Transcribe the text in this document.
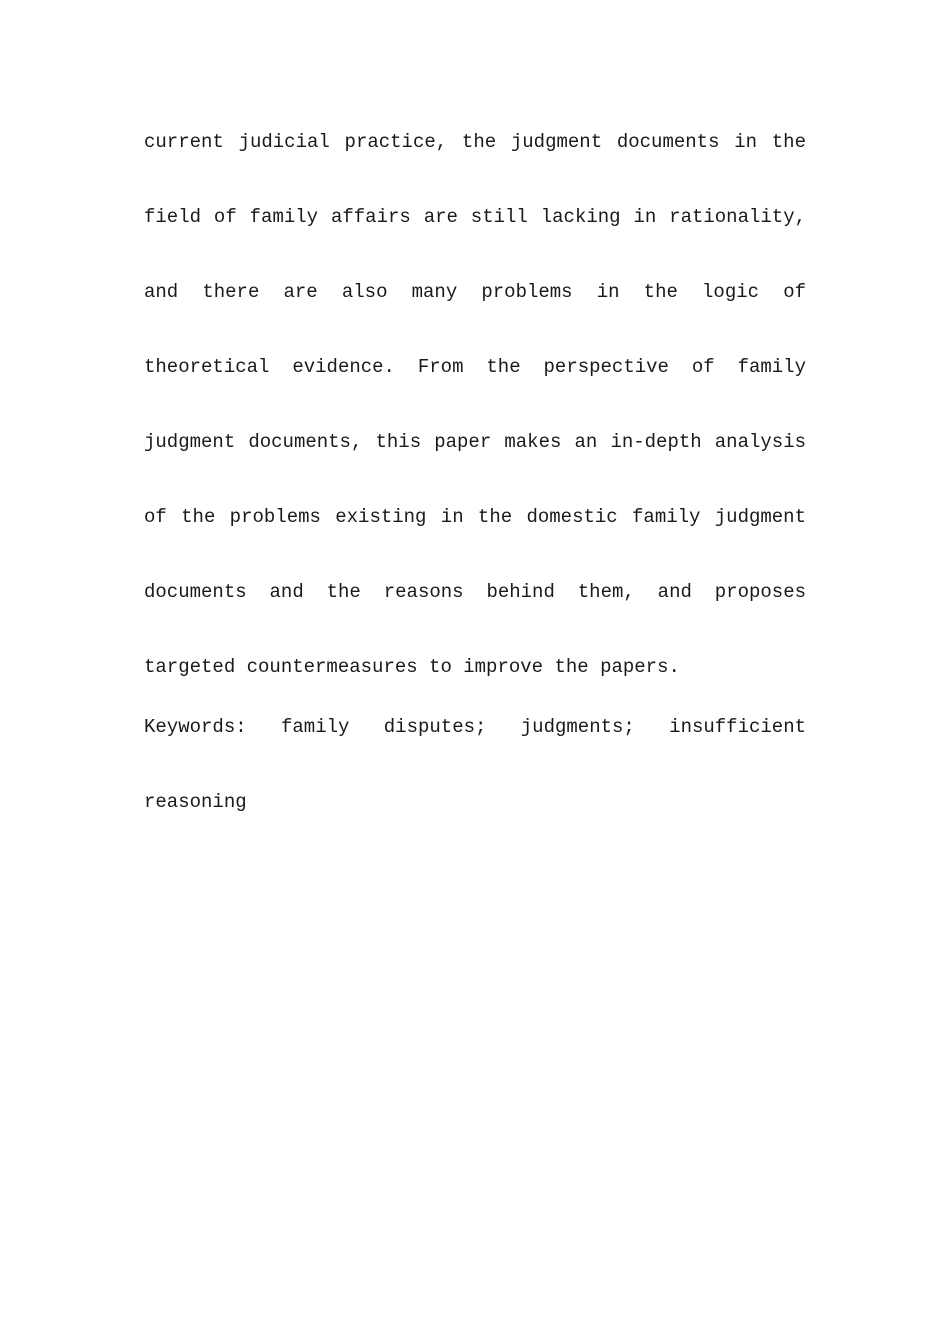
current judicial practice, the judgment documents in the
field of family affairs are still lacking in rationality,
and there are also many problems in the logic of
theoretical evidence. From the perspective of family
judgment documents, this paper makes an in-depth analysis
of the problems existing in the domestic family judgment
documents and the reasons behind them, and proposes
targeted countermeasures to improve the papers.
Keywords: family disputes; judgments; insufficient
reasoning
